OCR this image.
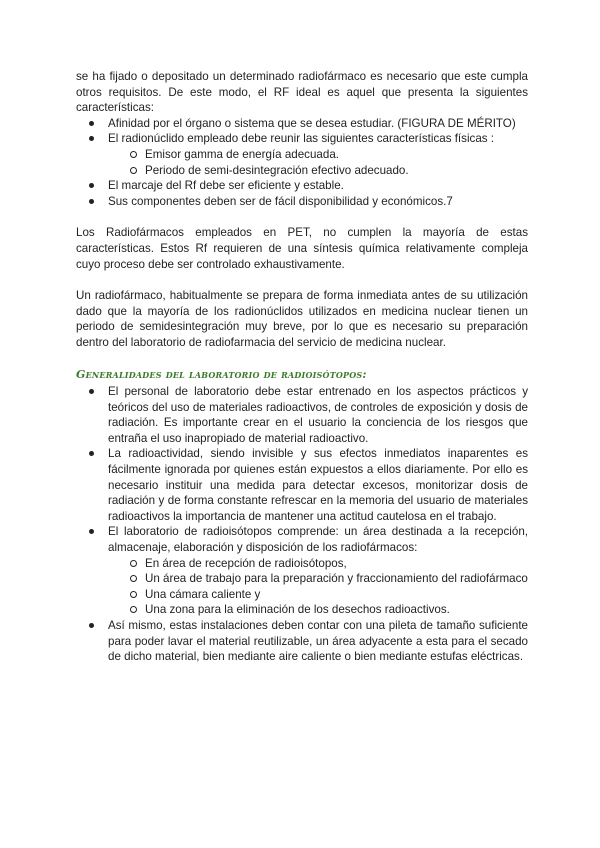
se ha fijado o depositado un determinado radiofármaco es necesario que este cumpla otros requisitos. De este modo, el RF ideal es aquel que presenta la siguientes características:

Afinidad por el órgano o sistema que se desea estudiar. (FIGURA DE MÉRITO)
El radionúclido empleado debe reunir las siguientes características físicas :
Emisor gamma de energía adecuada.
Periodo de semi-desintegración efectivo adecuado.
El marcaje del Rf debe ser eficiente y estable.
Sus componentes deben ser de fácil disponibilidad y económicos.7

Los Radiofármacos empleados en PET, no cumplen la mayoría de estas características. Estos Rf requieren de una síntesis química relativamente compleja cuyo proceso debe ser controlado exhaustivamente.

Un radiofármaco, habitualmente se prepara de forma inmediata antes de su utilización dado que la mayoría de los radionúclidos utilizados en medicina nuclear tienen un periodo de semidesintegración muy breve, por lo que es necesario su preparación dentro del laboratorio de radiofarmacia del servicio de medicina nuclear.

Generalidades del laboratorio de radioisótopos:
El personal de laboratorio debe estar entrenado en los aspectos prácticos y teóricos del uso de materiales radioactivos, de controles de exposición y dosis de radiación. Es importante crear en el usuario la conciencia de los riesgos que entraña el uso inapropiado de material radioactivo.
La radioactividad, siendo invisible y sus efectos inmediatos inaparentes es fácilmente ignorada por quienes están expuestos a ellos diariamente. Por ello es necesario instituir una medida para detectar excesos, monitorizar dosis de radiación y de forma constante refrescar en la memoria del usuario de materiales radioactivos la importancia de mantener una actitud cautelosa en el trabajo.
El laboratorio de radioisótopos comprende: un área destinada a la recepción, almacenaje, elaboración y disposición de los radiofármacos:
En área de recepción de radioisótopos,
Un área de trabajo para la preparación y fraccionamiento del radiofármaco
Una cámara caliente y
Una zona para la eliminación de los desechos radioactivos.
Así mismo, estas instalaciones deben contar con una pileta de tamaño suficiente para poder lavar el material reutilizable, un área adyacente a esta para el secado de dicho material, bien mediante aire caliente o bien mediante estufas eléctricas.
